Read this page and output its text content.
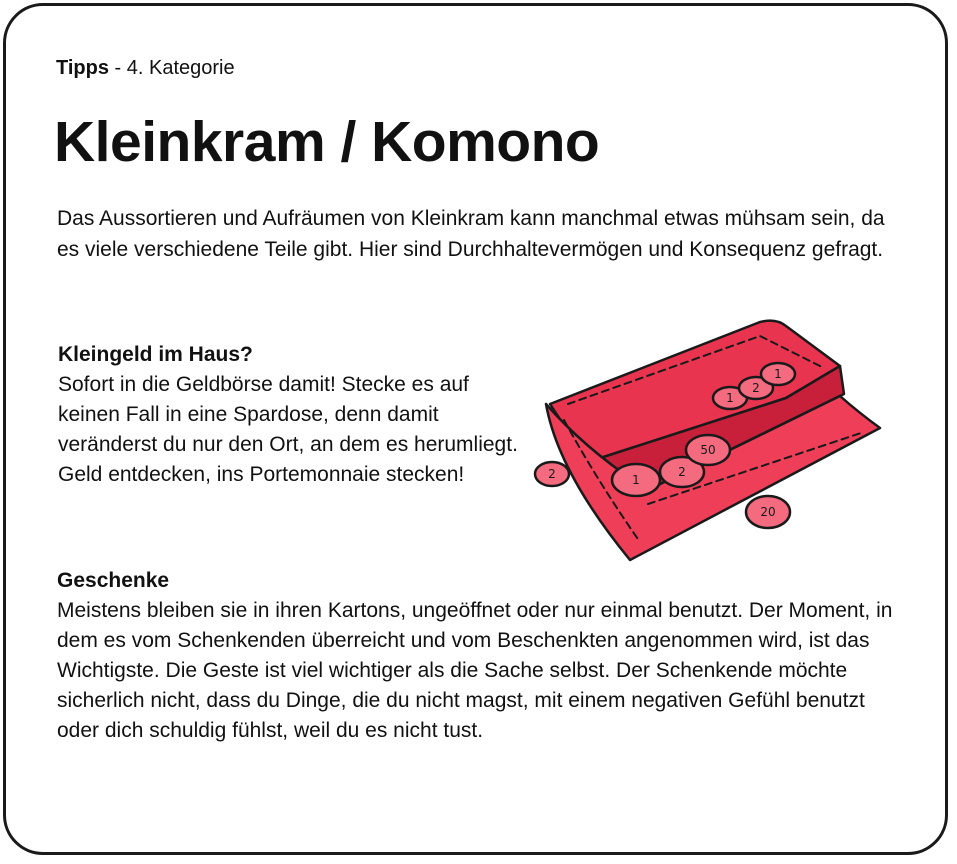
Tipps - 4. Kategorie
Kleinkram / Komono

Das Aussortieren und Aufräumen von Kleinkram kann manchmal etwas mühsam sein, da es viele verschiedene Teile gibt. Hier sind Durchhaltevermögen und Konsequenz gefragt.

Kleingeld im Haus?
Sofort in die Geldbörse damit! Stecke es auf keinen Fall in eine Spardose, denn damit veränderst du nur den Ort, an dem es herumliegt. Geld entdecken, ins Portemonnaie stecken!	1
2
50
1
2
1
20
2
Geschenke
Meistens bleiben sie in ihren Kartons, ungeöffnet oder nur einmal benutzt. Der Moment, in dem es vom Schenkenden überreicht und vom Beschenkten angenommen wird, ist das Wichtigste. Die Geste ist viel wichtiger als die Sache selbst. Der Schenkende möchte sicherlich nicht, dass du Dinge, die du nicht magst, mit einem negativen Gefühl benutzt oder dich schuldig fühlst, weil du es nicht tust.
